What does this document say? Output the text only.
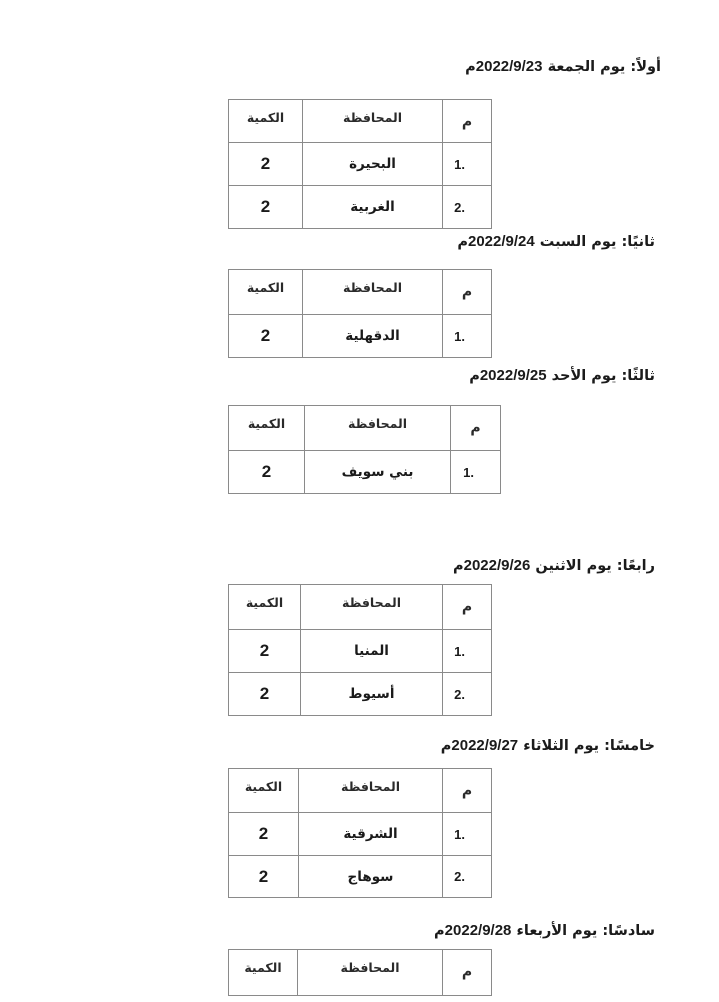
أولاً: يوم الجمعة 2022/9/23م
م	المحافظة	الكمية
1.	البحيرة	2
2.	الغربية	2
ثانيًا: يوم السبت 2022/9/24م
م	المحافظة	الكمية
1.	الدقهلية	2
ثالثًا: يوم الأحد 2022/9/25م
م	المحافظة	الكمية
1.	بني سويف	2
رابعًا: يوم الاثنين 2022/9/26م
م	المحافظة	الكمية
1.	المنيا	2
2.	أسيوط	2
خامسًا: يوم الثلاثاء 2022/9/27م
م	المحافظة	الكمية
1.	الشرقية	2
2.	سوهاج	2
سادسًا: يوم الأربعاء 2022/9/28م
م	المحافظة	الكمية
